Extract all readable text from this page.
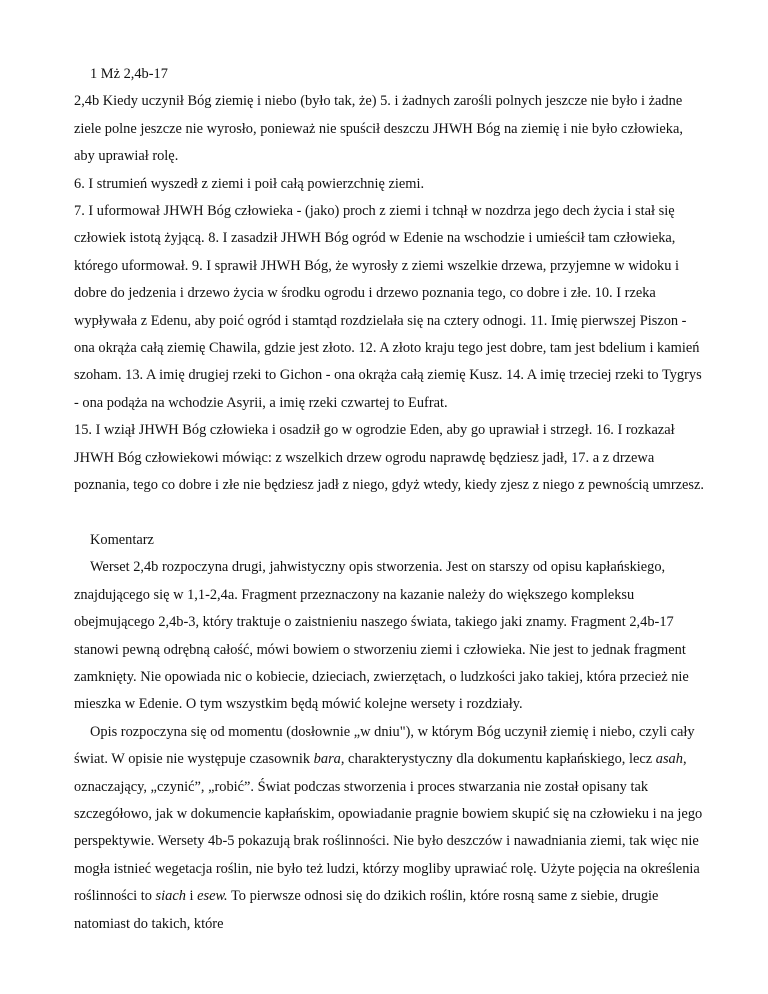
1 Mż 2,4b-17

2,4b Kiedy uczynił Bóg ziemię i niebo (było tak, że) 5. i żadnych zarośli polnych jeszcze nie było i żadne ziele polne jeszcze nie wyrosło, ponieważ nie spuścił deszczu JHWH Bóg na ziemię i nie było człowieka, aby uprawiał rolę.

6. I strumień wyszedł z ziemi i poił całą powierzchnię ziemi.

7. I uformował JHWH Bóg człowieka - (jako) proch z ziemi i tchnął w nozdrza jego dech życia i stał się człowiek istotą żyjącą. 8. I zasadził JHWH Bóg ogród w Edenie na wschodzie i umieścił tam człowieka, którego uformował. 9. I sprawił JHWH Bóg, że wyrosły z ziemi wszelkie drzewa, przyjemne w widoku i dobre do jedzenia i drzewo życia w środku ogrodu i drzewo poznania tego, co dobre i złe. 10. I rzeka wypływała z Edenu, aby poić ogród i stamtąd rozdzielała się na cztery odnogi. 11. Imię pierwszej Piszon - ona okrąża całą ziemię Chawila, gdzie jest złoto. 12. A złoto kraju tego jest dobre, tam jest bdelium i kamień szoham. 13. A imię drugiej rzeki to Gichon - ona okrąża całą ziemię Kusz. 14. A imię trzeciej rzeki to Tygrys - ona podąża na wchodzie Asyrii, a imię rzeki czwartej to Eufrat.

15. I wziął JHWH Bóg człowieka i osadził go w ogrodzie Eden, aby go uprawiał i strzegł. 16. I rozkazał JHWH Bóg człowiekowi mówiąc: z wszelkich drzew ogrodu naprawdę będziesz jadł, 17. a z drzewa poznania, tego co dobre i złe nie będziesz jadł z niego, gdyż wtedy, kiedy zjesz z niego z pewnością umrzesz.

Komentarz

Werset 2,4b rozpoczyna drugi, jahwistyczny opis stworzenia. Jest on starszy od opisu kapłańskiego, znajdującego się w 1,1-2,4a. Fragment przeznaczony na kazanie należy do większego kompleksu obejmującego 2,4b-3, który traktuje o zaistnieniu naszego świata, takiego jaki znamy. Fragment 2,4b-17 stanowi pewną odrębną całość, mówi bowiem o stworzeniu ziemi i człowieka. Nie jest to jednak fragment zamknięty. Nie opowiada nic o kobiecie, dzieciach, zwierzętach, o ludzkości jako takiej, która przecież nie mieszka w Edenie. O tym wszystkim będą mówić kolejne wersety i rozdziały.

Opis rozpoczyna się od momentu (dosłownie „w dniu"), w którym Bóg uczynił ziemię i niebo, czyli cały świat. W opisie nie występuje czasownik bara, charakterystyczny dla dokumentu kapłańskiego, lecz asah, oznaczający, „czynić”, „robić”. Świat podczas stworzenia i proces stwarzania nie został opisany tak szczegółowo, jak w dokumencie kapłańskim, opowiadanie pragnie bowiem skupić się na człowieku i na jego perspektywie. Wersety 4b-5 pokazują brak roślinności. Nie było deszczów i nawadniania ziemi, tak więc nie mogła istnieć wegetacja roślin, nie było też ludzi, którzy mogliby uprawiać rolę. Użyte pojęcia na określenia roślinności to siach i esew. To pierwsze odnosi się do dzikich roślin, które rosną same z siebie, drugie natomiast do takich, które
